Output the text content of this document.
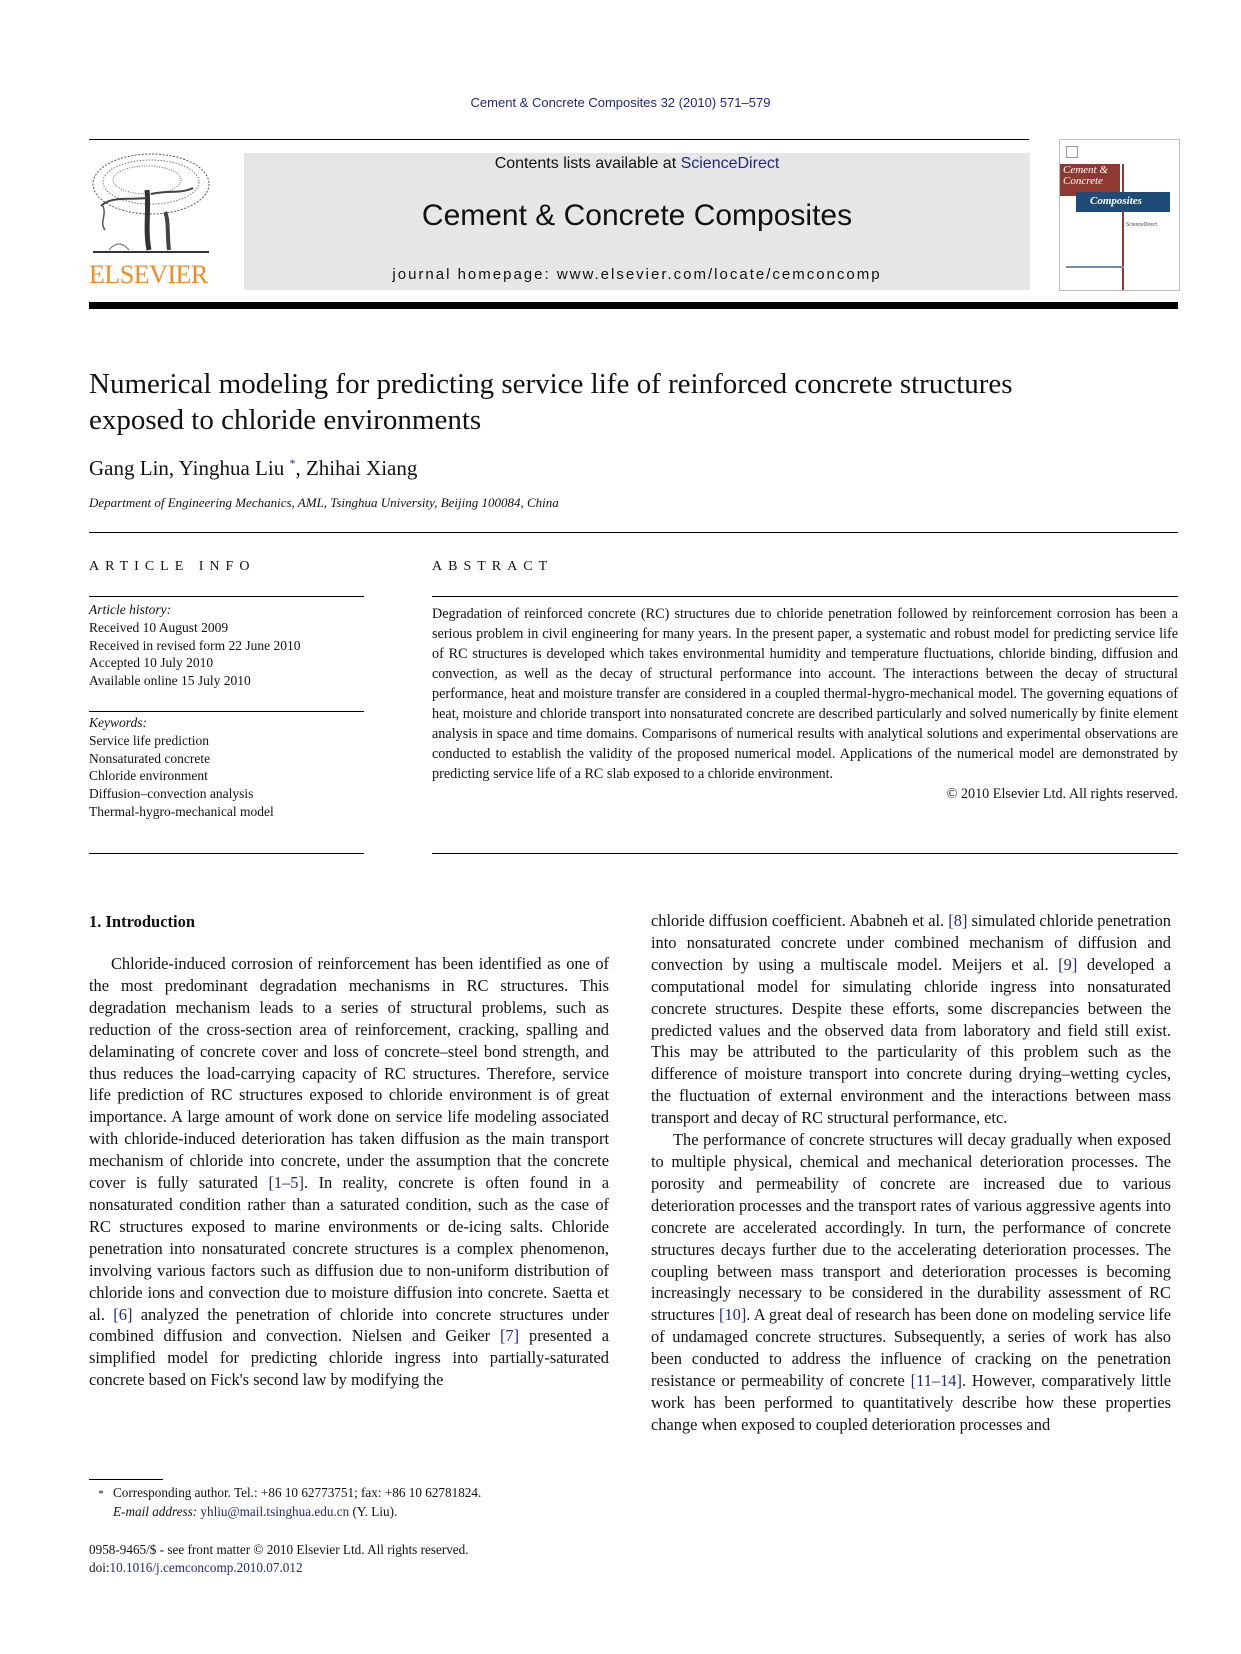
Cement & Concrete Composites 32 (2010) 571–579
ELSEVIER
Contents lists available at ScienceDirect
Cement & Concrete Composites
journal homepage: www.elsevier.com/locate/cemconcomp
Cement &
Concrete
Composites
ScienceDirect
Numerical modeling for predicting service life of reinforced concrete structures
exposed to chloride environments
Gang Lin, Yinghua Liu *, Zhihai Xiang
Department of Engineering Mechanics, AML, Tsinghua University, Beijing 100084, China
ARTICLE INFO
Article history:
Received 10 August 2009
Received in revised form 22 June 2010
Accepted 10 July 2010
Available online 15 July 2010
Keywords:
Service life prediction
Nonsaturated concrete
Chloride environment
Diffusion–convection analysis
Thermal-hygro-mechanical model
ABSTRACT
Degradation of reinforced concrete (RC) structures due to chloride penetration followed by reinforcement corrosion has been a serious problem in civil engineering for many years. In the present paper, a systematic and robust model for predicting service life of RC structures is developed which takes environmental humidity and temperature fluctuations, chloride binding, diffusion and convection, as well as the decay of structural performance into account. The interactions between the decay of structural performance, heat and moisture transfer are considered in a coupled thermal-hygro-mechanical model. The governing equations of heat, moisture and chloride transport into nonsaturated concrete are described particularly and solved numerically by finite element analysis in space and time domains. Comparisons of numerical results with analytical solutions and experimental observations are conducted to establish the validity of the proposed numerical model. Applications of the numerical model are demonstrated by predicting service life of a RC slab exposed to a chloride environment.
© 2010 Elsevier Ltd. All rights reserved.
1. Introduction

Chloride-induced corrosion of reinforcement has been identified as one of the most predominant degradation mechanisms in RC structures. This degradation mechanism leads to a series of structural problems, such as reduction of the cross-section area of reinforcement, cracking, spalling and delaminating of concrete cover and loss of concrete–steel bond strength, and thus reduces the load-carrying capacity of RC structures. Therefore, service life prediction of RC structures exposed to chloride environment is of great importance. A large amount of work done on service life modeling associated with chloride-induced deterioration has taken diffusion as the main transport mechanism of chloride into concrete, under the assumption that the concrete cover is fully saturated [1–5]. In reality, concrete is often found in a nonsaturated condition rather than a saturated condition, such as the case of RC structures exposed to marine environments or de-icing salts. Chloride penetration into nonsaturated concrete structures is a complex phenomenon, involving various factors such as diffusion due to non-uniform distribution of chloride ions and convection due to moisture diffusion into concrete. Saetta et al. [6] analyzed the penetration of chloride into concrete structures under combined diffusion and convection. Nielsen and Geiker [7] presented a simplified model for predicting chloride ingress into partially-saturated concrete based on Fick's second law by modifying the

chloride diffusion coefficient. Ababneh et al. [8] simulated chloride penetration into nonsaturated concrete under combined mechanism of diffusion and convection by using a multiscale model. Meijers et al. [9] developed a computational model for simulating chloride ingress into nonsaturated concrete structures. Despite these efforts, some discrepancies between the predicted values and the observed data from laboratory and field still exist. This may be attributed to the particularity of this problem such as the difference of moisture transport into concrete during drying–wetting cycles, the fluctuation of external environment and the interactions between mass transport and decay of RC structural performance, etc.

The performance of concrete structures will decay gradually when exposed to multiple physical, chemical and mechanical deterioration processes. The porosity and permeability of concrete are increased due to various deterioration processes and the transport rates of various aggressive agents into concrete are accelerated accordingly. In turn, the performance of concrete structures decays further due to the accelerating deterioration processes. The coupling between mass transport and deterioration processes is becoming increasingly necessary to be considered in the durability assessment of RC structures [10]. A great deal of research has been done on modeling service life of undamaged concrete structures. Subsequently, a series of work has also been conducted to address the influence of cracking on the penetration resistance or permeability of concrete [11–14]. However, comparatively little work has been performed to quantitatively describe how these properties change when exposed to coupled deterioration processes and

* Corresponding author. Tel.: +86 10 62773751; fax: +86 10 62781824.
E-mail address: yhliu@mail.tsinghua.edu.cn (Y. Liu).
0958-9465/$ - see front matter © 2010 Elsevier Ltd. All rights reserved.
doi:10.1016/j.cemconcomp.2010.07.012
